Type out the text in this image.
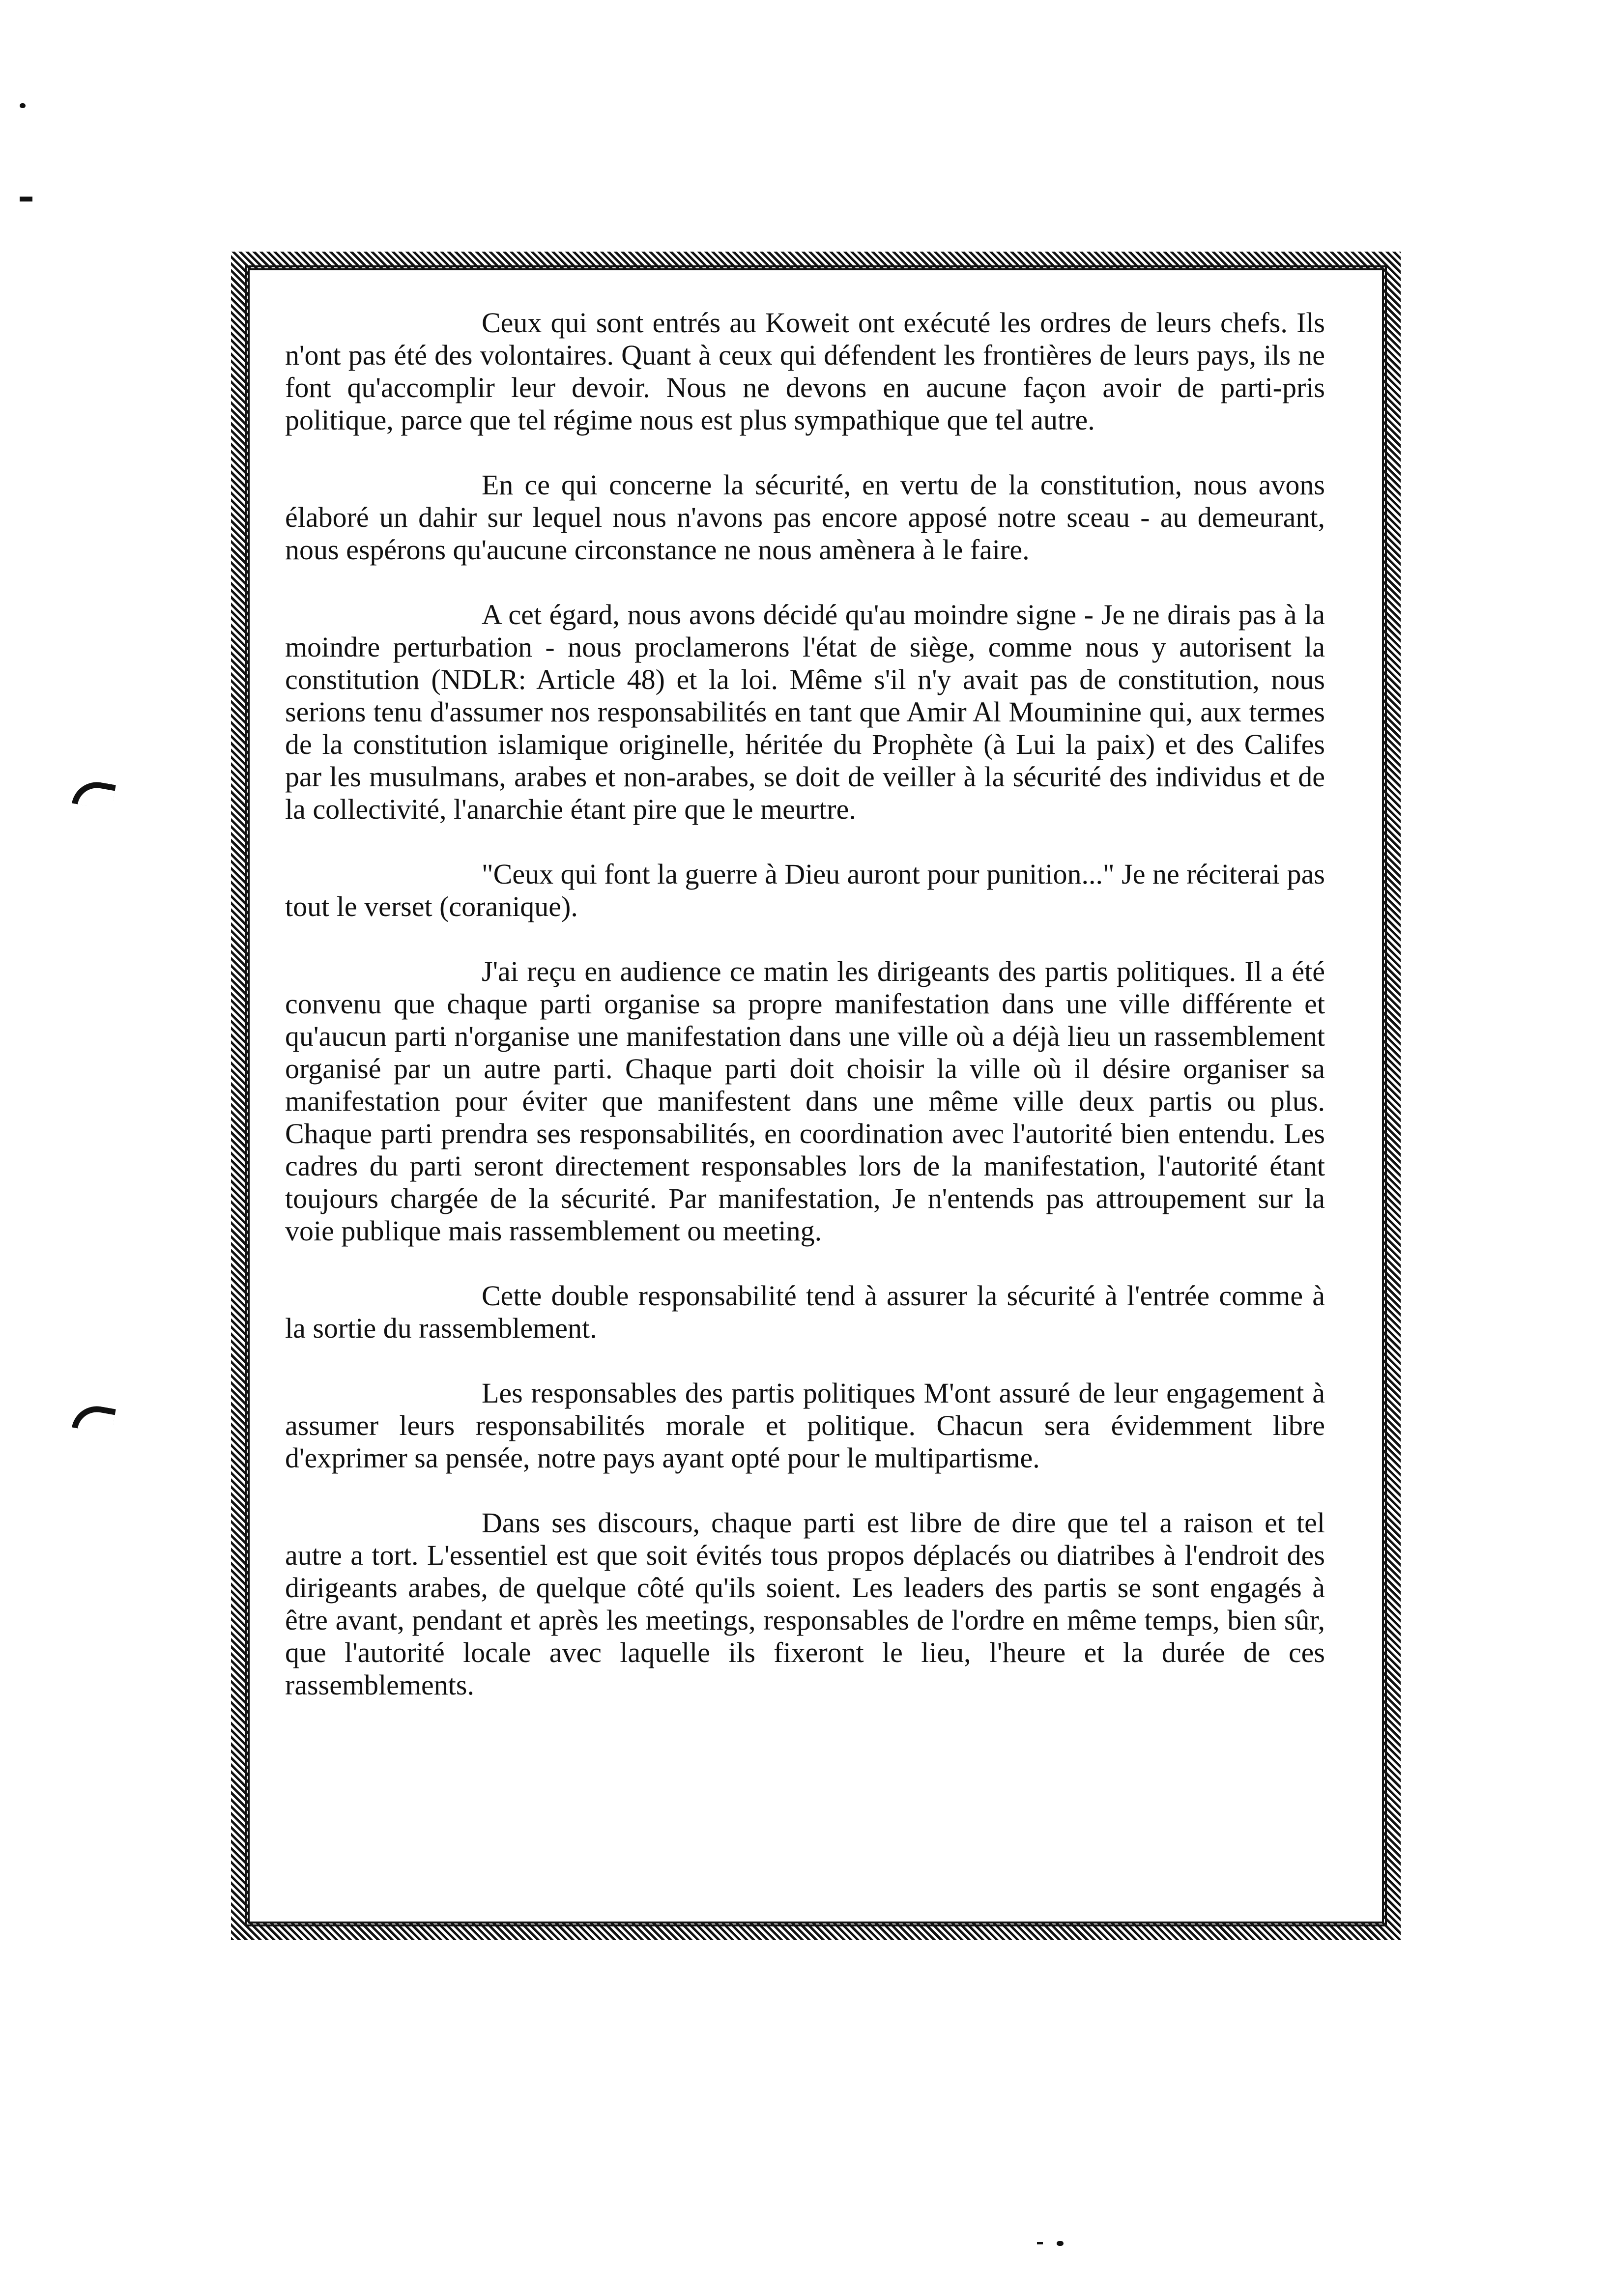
Ceux qui sont entrés au Koweit ont exécuté les ordres de leurs chefs. Ils n'ont pas été des volontaires. Quant à ceux qui défendent les frontières de leurs pays, ils ne font qu'accomplir leur devoir. Nous ne devons en aucune façon avoir de parti-pris politique, parce que tel régime nous est plus sympathique que tel autre.

En ce qui concerne la sécurité, en vertu de la constitution, nous avons élaboré un dahir sur lequel nous n'avons pas encore apposé notre sceau - au demeurant, nous espérons qu'aucune circonstance ne nous amènera à le faire.

A cet égard, nous avons décidé qu'au moindre signe - Je ne dirais pas à la moindre perturbation - nous proclamerons l'état de siège, comme nous y autorisent la constitution (NDLR: Article 48) et la loi. Même s'il n'y avait pas de constitution, nous serions tenu d'assumer nos responsabilités en tant que Amir Al Mouminine qui, aux termes de la constitution islamique originelle, héritée du Prophète (à Lui la paix) et des Califes par les musulmans, arabes et non-arabes, se doit de veiller à la sécurité des individus et de la collectivité, l'anarchie étant pire que le meurtre.

"Ceux qui font la guerre à Dieu auront pour punition..." Je ne réciterai pas tout le verset (coranique).

J'ai reçu en audience ce matin les dirigeants des partis politiques. Il a été convenu que chaque parti organise sa propre manifestation dans une ville différente et qu'aucun parti n'organise une manifestation dans une ville où a déjà lieu un rassemblement organisé par un autre parti. Chaque parti doit choisir la ville où il désire organiser sa manifestation pour éviter que manifestent dans une même ville deux partis ou plus. Chaque parti prendra ses responsabilités, en coordination avec l'autorité bien entendu. Les cadres du parti seront directement responsables lors de la manifestation, l'autorité étant toujours chargée de la sécurité. Par manifestation, Je n'entends pas attroupement sur la voie publique mais rassemblement ou meeting.

Cette double responsabilité tend à assurer la sécurité à l'entrée comme à la sortie du rassemblement.

Les responsables des partis politiques M'ont assuré de leur engagement à assumer leurs responsabilités morale et politique. Chacun sera évidemment libre d'exprimer sa pensée, notre pays ayant opté pour le multipartisme.

Dans ses discours, chaque parti est libre de dire que tel a raison et tel autre a tort. L'essentiel est que soit évités tous propos déplacés ou diatribes à l'endroit des dirigeants arabes, de quelque côté qu'ils soient. Les leaders des partis se sont engagés à être avant, pendant et après les meetings, responsables de l'ordre en même temps, bien sûr, que l'autorité locale avec laquelle ils fixeront le lieu, l'heure et la durée de ces rassemblements.
